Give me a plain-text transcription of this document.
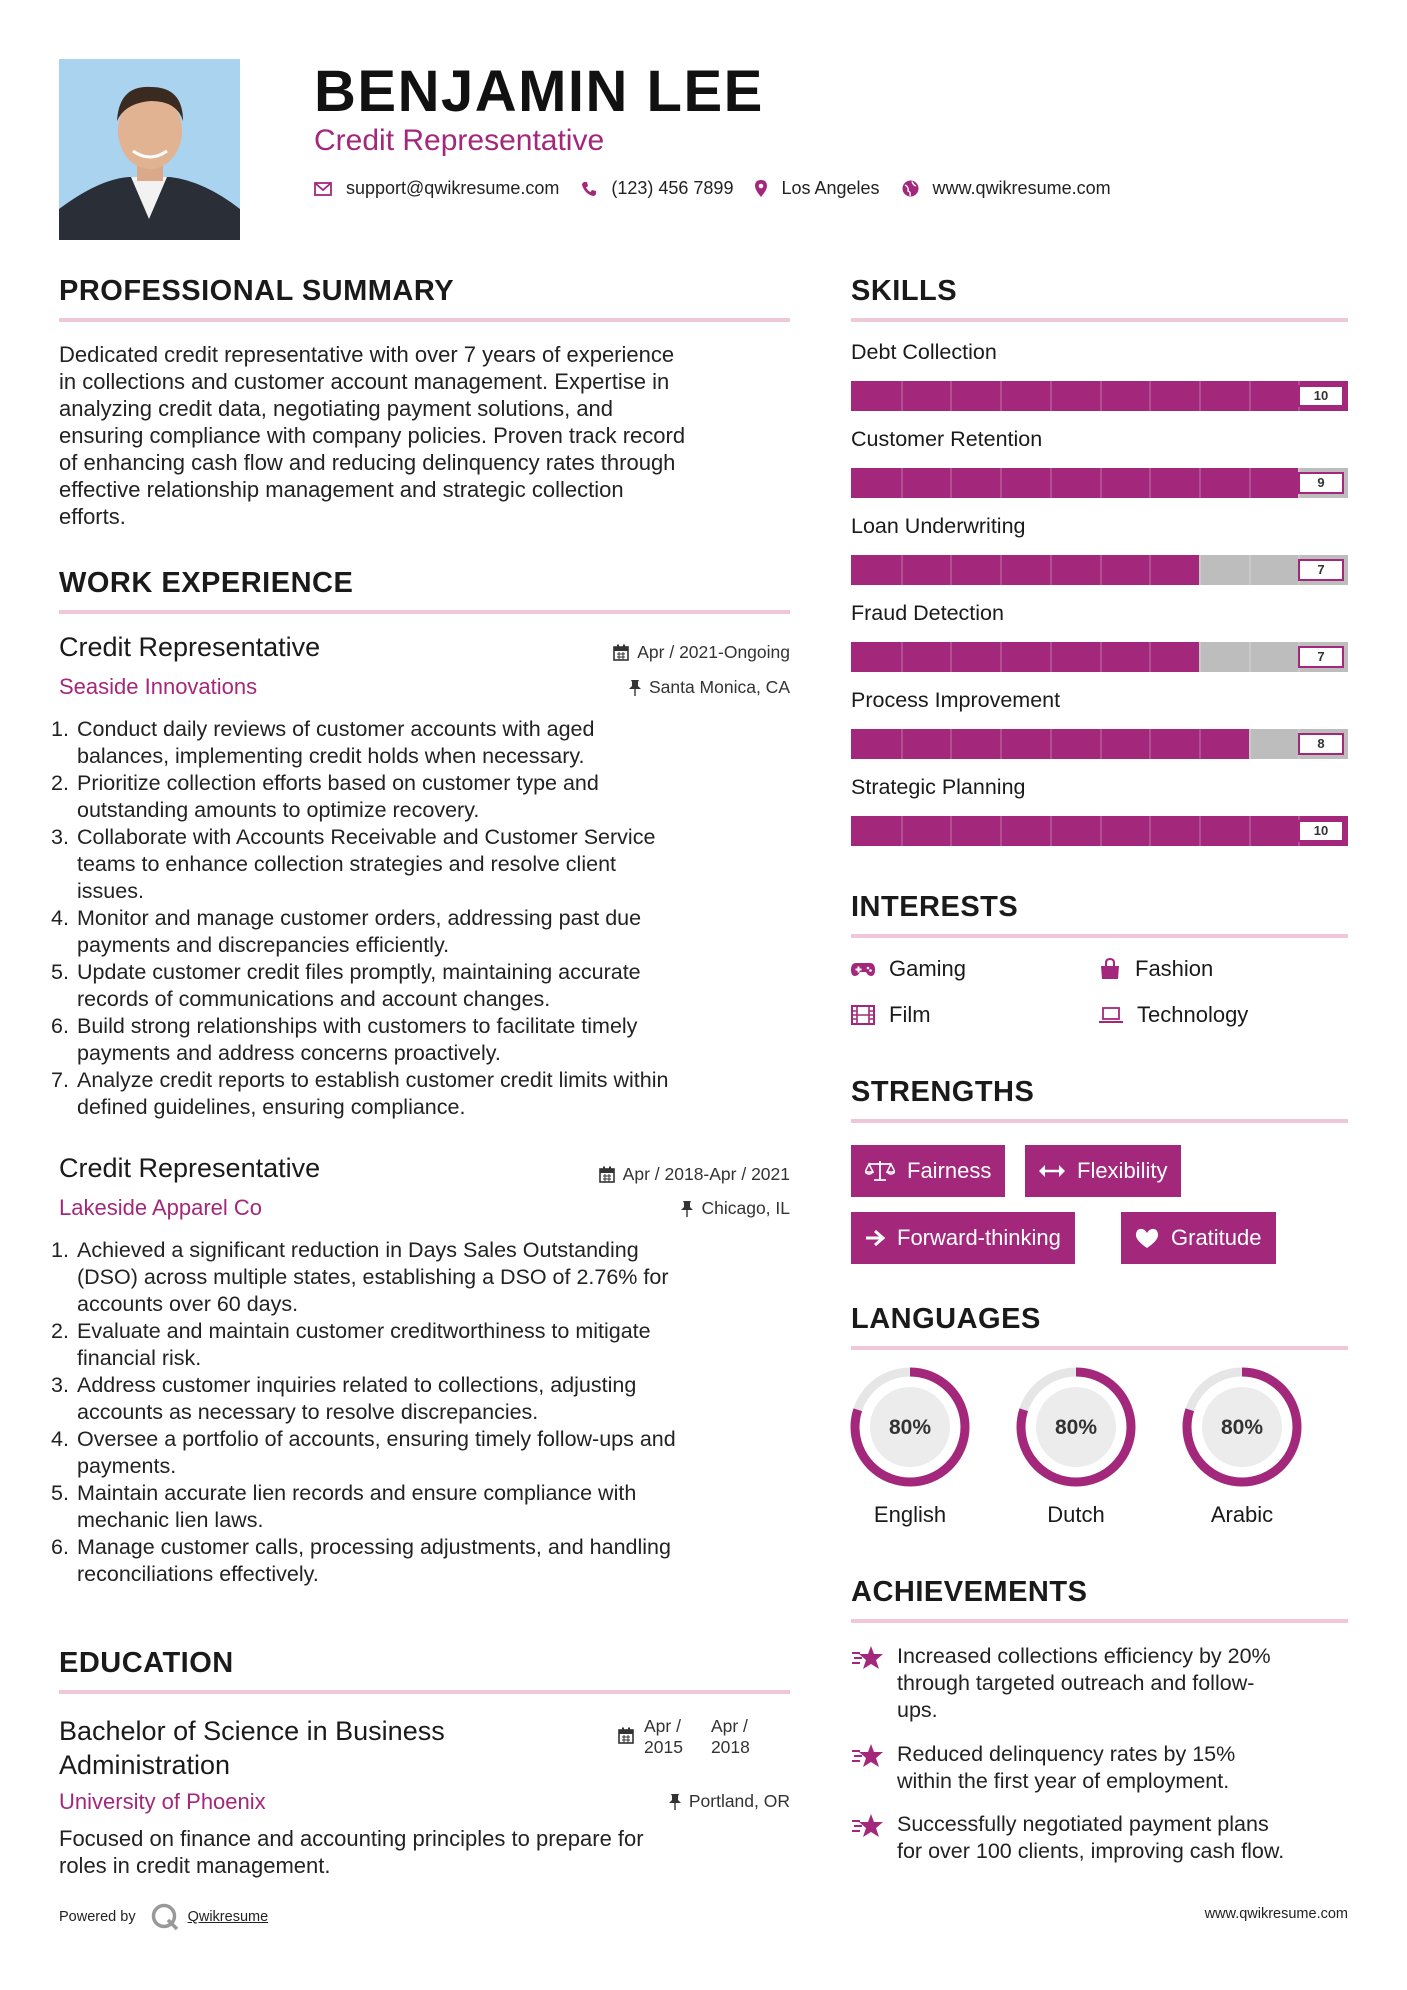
BENJAMIN LEE
Credit Representative
support@qwikresume.com	(123) 456 7899	Los Angeles	www.qwikresume.com
PROFESSIONAL SUMMARY
Dedicated credit representative with over 7 years of experience
in collections and customer account management. Expertise in
analyzing credit data, negotiating payment solutions, and
ensuring compliance with company policies. Proven track record
of enhancing cash flow and reducing delinquency rates through
effective relationship management and strategic collection
efforts.
WORK EXPERIENCE
Credit Representative
Seaside Innovations
Apr / 2021-Ongoing
Santa Monica, CA
1. Conduct daily reviews of customer accounts with aged
balances, implementing credit holds when necessary.
2. Prioritize collection efforts based on customer type and
outstanding amounts to optimize recovery.
3. Collaborate with Accounts Receivable and Customer Service
teams to enhance collection strategies and resolve client
issues.
4. Monitor and manage customer orders, addressing past due
payments and discrepancies efficiently.
5. Update customer credit files promptly, maintaining accurate
records of communications and account changes.
6. Build strong relationships with customers to facilitate timely
payments and address concerns proactively.
7. Analyze credit reports to establish customer credit limits within
defined guidelines, ensuring compliance.
Credit Representative
Lakeside Apparel Co
Apr / 2018-Apr / 2021
Chicago, IL
1. Achieved a significant reduction in Days Sales Outstanding
(DSO) across multiple states, establishing a DSO of 2.76% for
accounts over 60 days.
2. Evaluate and maintain customer creditworthiness to mitigate
financial risk.
3. Address customer inquiries related to collections, adjusting
accounts as necessary to resolve discrepancies.
4. Oversee a portfolio of accounts, ensuring timely follow-ups and
payments.
5. Maintain accurate lien records and ensure compliance with
mechanic lien laws.
6. Manage customer calls, processing adjustments, and handling
reconciliations effectively.
EDUCATION
Bachelor of Science in Business
Administration
University of Phoenix
Apr /
2015
Apr /
2018
Portland, OR
Focused on finance and accounting principles to prepare for
roles in credit management.
SKILLS
Debt Collection
10
Customer Retention
9
Loan Underwriting
7
Fraud Detection
7
Process Improvement
8
Strategic Planning
10
INTERESTS
Gaming	Fashion
Film	Technology
STRENGTHS
Fairness	Flexibility
Forward-thinking	Gratitude
LANGUAGES
80%
English
80%
Dutch
80%
Arabic
ACHIEVEMENTS
Increased collections efficiency by 20%
through targeted outreach and follow-
ups.
Reduced delinquency rates by 15%
within the first year of employment.
Successfully negotiated payment plans
for over 100 clients, improving cash flow.
Powered by	Qwikresume	www.qwikresume.com
